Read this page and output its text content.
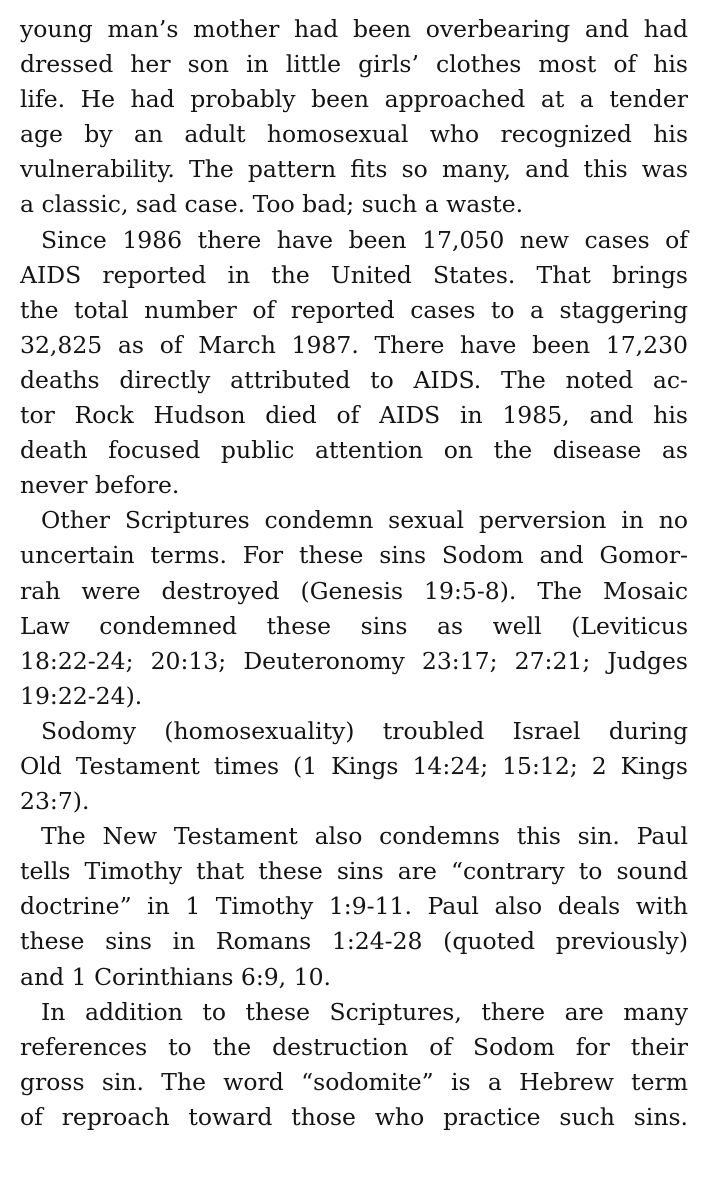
young man’s mother had been overbearing and had
dressed her son in little girls’ clothes most of his
life. He had probably been approached at a tender
age by an adult homosexual who recognized his
vulnerability. The pattern fits so many, and this was
a classic, sad case. Too bad; such a waste.
Since 1986 there have been 17,050 new cases of
AIDS reported in the United States. That brings
the total number of reported cases to a staggering
32,825 as of March 1987. There have been 17,230
deaths directly attributed to AIDS. The noted ac-
tor Rock Hudson died of AIDS in 1985, and his
death focused public attention on the disease as
never before.
Other Scriptures condemn sexual perversion in no
uncertain terms. For these sins Sodom and Gomor-
rah were destroyed (Genesis 19:5-8). The Mosaic
Law condemned these sins as well (Leviticus
18:22-24; 20:13; Deuteronomy 23:17; 27:21; Judges
19:22-24).
Sodomy (homosexuality) troubled Israel during
Old Testament times (1 Kings 14:24; 15:12; 2 Kings
23:7).
The New Testament also condemns this sin. Paul
tells Timothy that these sins are “contrary to sound
doctrine” in 1 Timothy 1:9-11. Paul also deals with
these sins in Romans 1:24-28 (quoted previously)
and 1 Corinthians 6:9, 10.
In addition to these Scriptures, there are many
references to the destruction of Sodom for their
gross sin. The word “sodomite” is a Hebrew term
of reproach toward those who practice such sins.
